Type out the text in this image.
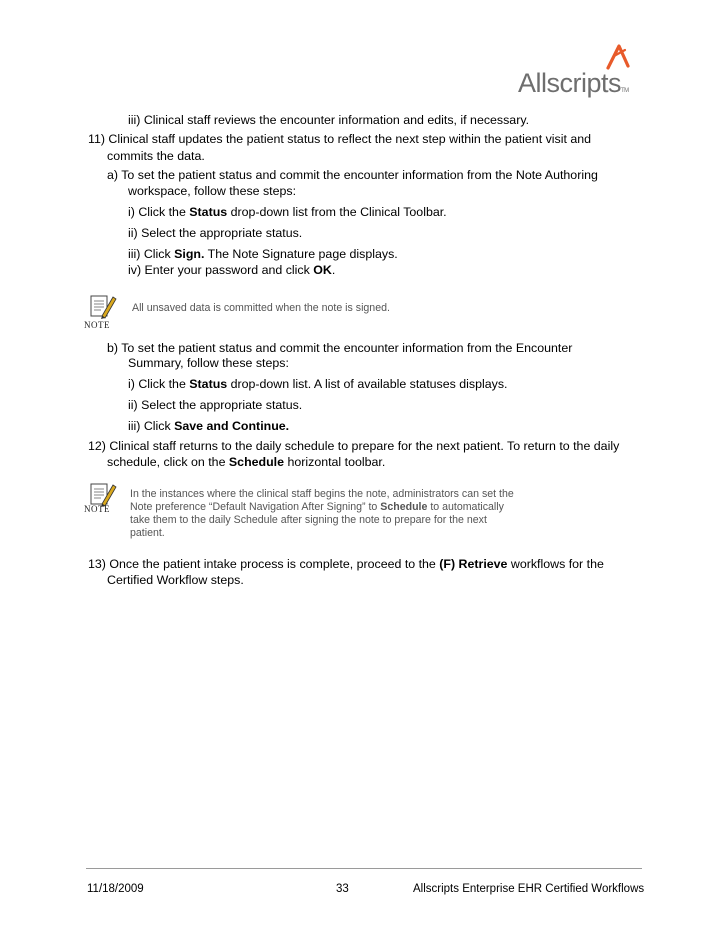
AllscriptsTM
iii) Clinical staff reviews the encounter information and edits, if necessary.
11) Clinical staff updates the patient status to reflect the next step within the patient visit and
commits the data.
a) To set the patient status and commit the encounter information from the Note Authoring
workspace, follow these steps:
i) Click the Status drop-down list from the Clinical Toolbar.
ii) Select the appropriate status.
iii) Click Sign. The Note Signature page displays.
iv) Enter your password and click OK.
NOTE
All unsaved data is committed when the note is signed.
b) To set the patient status and commit the encounter information from the Encounter
Summary, follow these steps:
i) Click the Status drop-down list. A list of available statuses displays.
ii) Select the appropriate status.
iii) Click Save and Continue.
12) Clinical staff returns to the daily schedule to prepare for the next patient. To return to the daily
schedule, click on the Schedule horizontal toolbar.
NOTE
In the instances where the clinical staff begins the note, administrators can set the
Note preference “Default Navigation After Signing” to Schedule to automatically
take them to the daily Schedule after signing the note to prepare for the next
patient.
13) Once the patient intake process is complete, proceed to the (F) Retrieve workflows for the
Certified Workflow steps.
11/18/2009	33	Allscripts Enterprise EHR Certified Workflows
